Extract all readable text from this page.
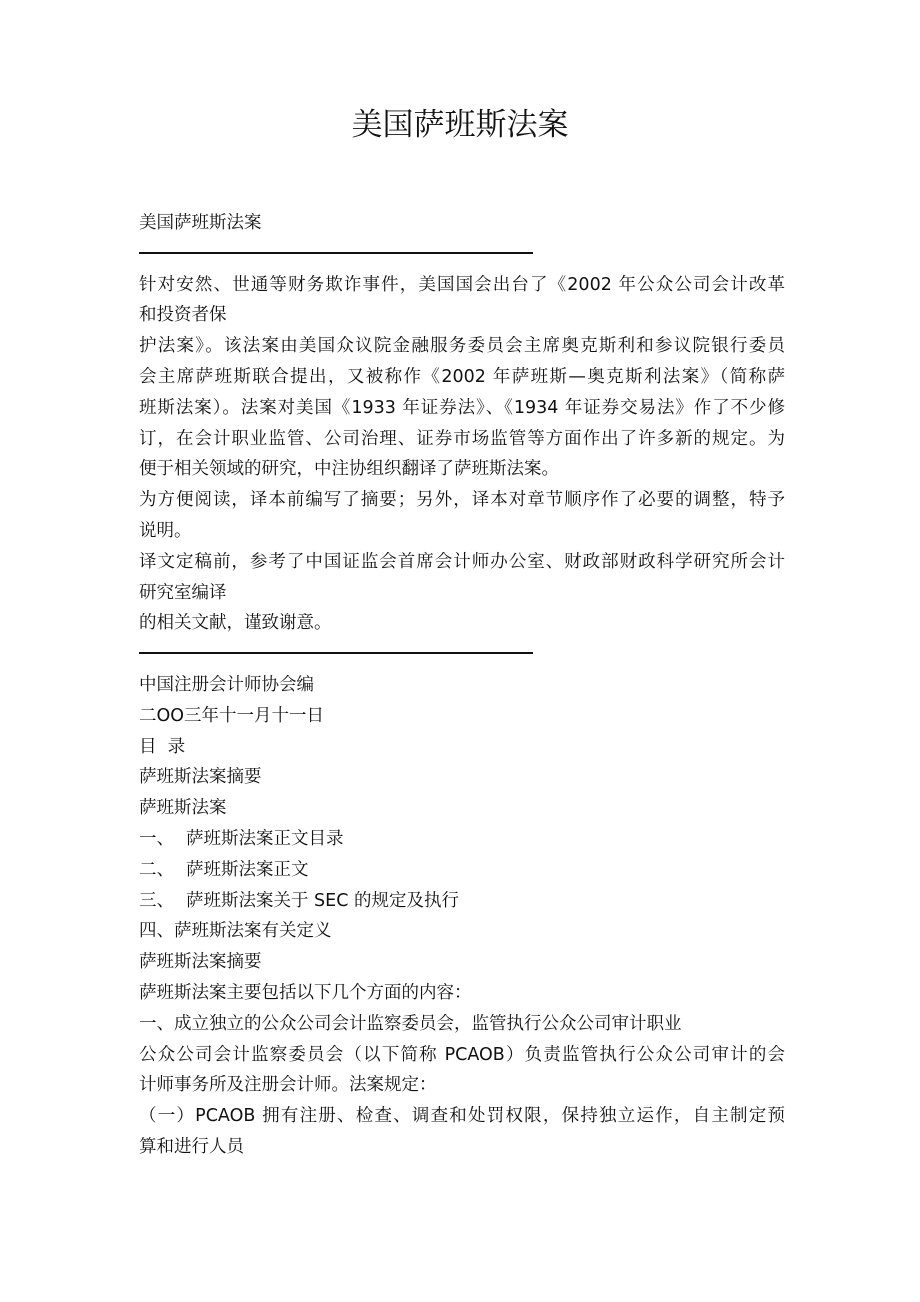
美国萨班斯法案
美国萨班斯法案
针对安然、世通等财务欺诈事件，美国国会出台了《2002 年公众公司会计改革
和投资者保
护法案》。该法案由美国众议院金融服务委员会主席奥克斯利和参议院银行委员
会主席萨班斯联合提出，又被称作《2002 年萨班斯—奥克斯利法案》（简称萨
班斯法案）。法案对美国《1933 年证券法》、《1934 年证券交易法》作了不少修
订，在会计职业监管、公司治理、证券市场监管等方面作出了许多新的规定。为
便于相关领域的研究，中注协组织翻译了萨班斯法案。
为方便阅读，译本前编写了摘要；另外，译本对章节顺序作了必要的调整，特予
说明。
译文定稿前，参考了中国证监会首席会计师办公室、财政部财政科学研究所会计
研究室编译
的相关文献，谨致谢意。
中国注册会计师协会编
二OO三年十一月十一日
目  录
萨班斯法案摘要
萨班斯法案
一、 萨班斯法案正文目录
二、 萨班斯法案正文
三、 萨班斯法案关于 SEC 的规定及执行
四、萨班斯法案有关定义
萨班斯法案摘要
萨班斯法案主要包括以下几个方面的内容：
一、成立独立的公众公司会计监察委员会，监管执行公众公司审计职业
公众公司会计监察委员会（以下简称 PCAOB）负责监管执行公众公司审计的会
计师事务所及注册会计师。法案规定：
（一）PCAOB 拥有注册、检查、调查和处罚权限，保持独立运作，自主制定预
算和进行人员
